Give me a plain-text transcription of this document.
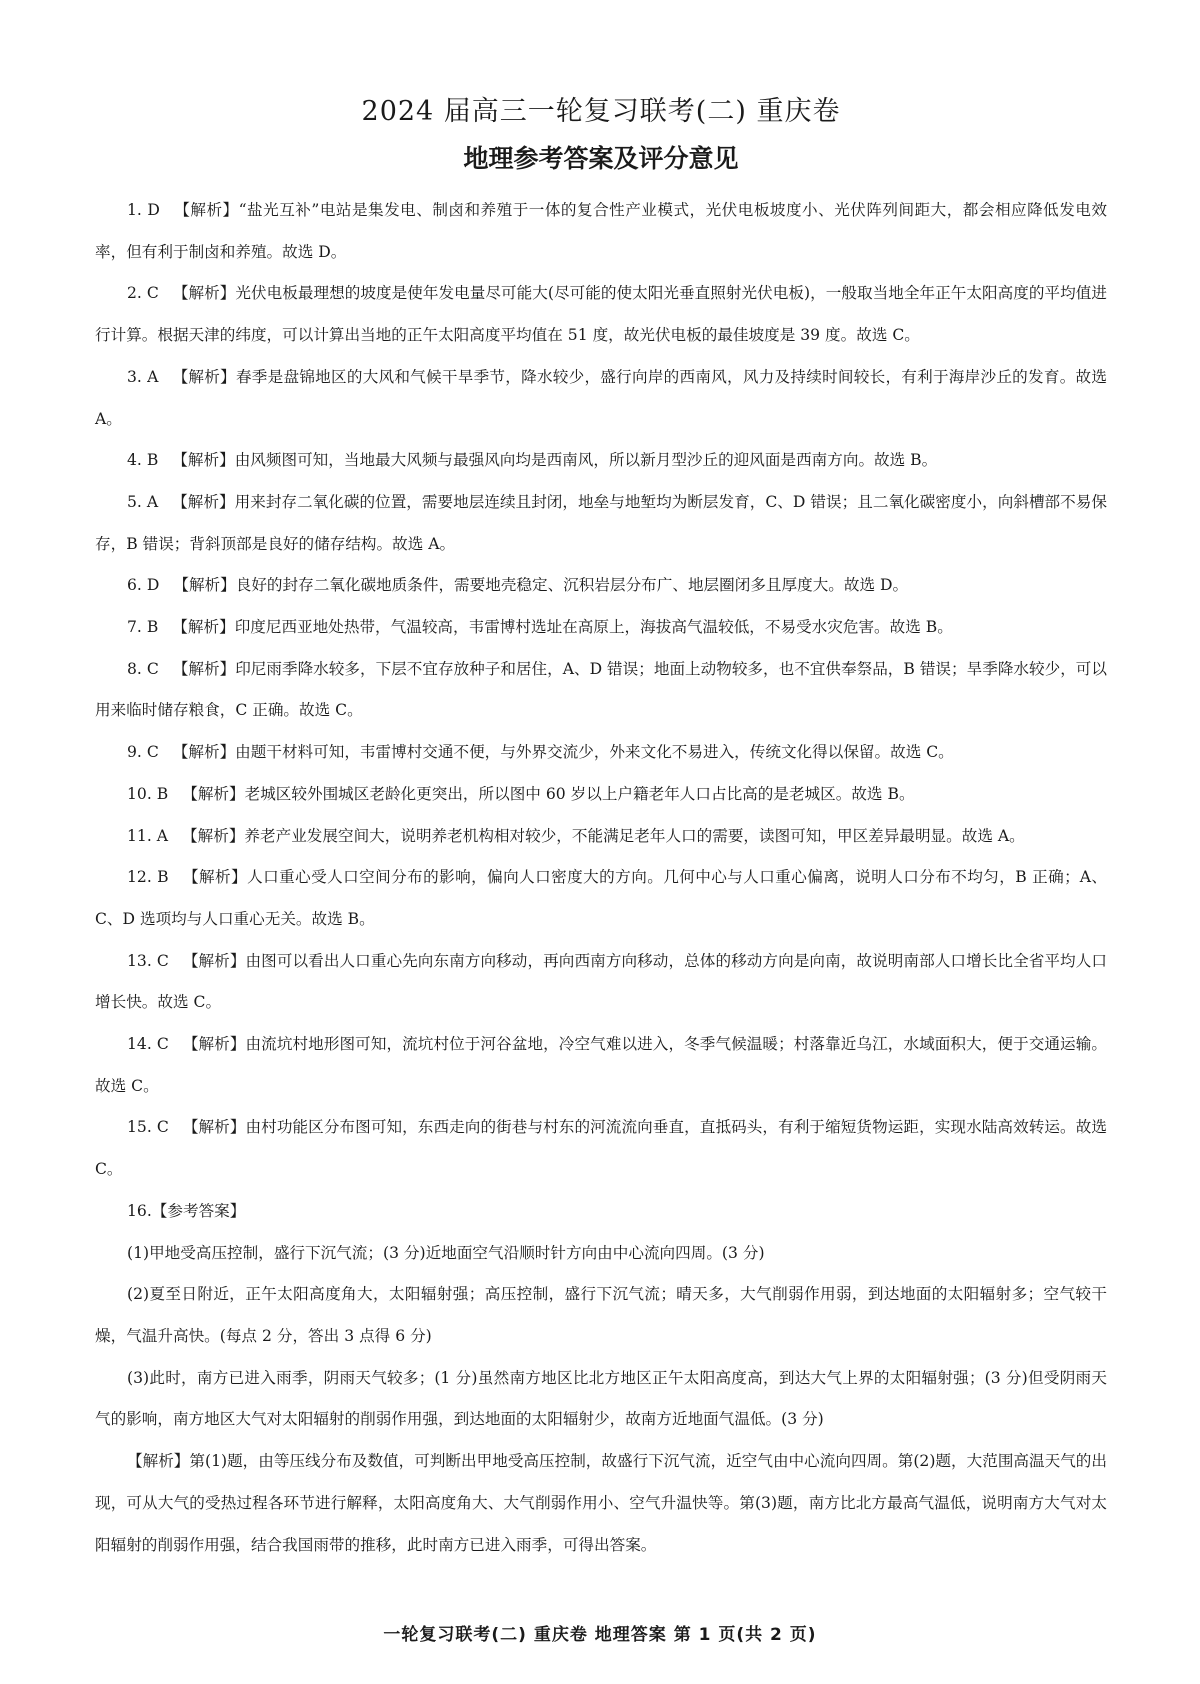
2024 届高三一轮复习联考(二) 重庆卷
地理参考答案及评分意见

1. D 【解析】“盐光互补”电站是集发电、制卤和养殖于一体的复合性产业模式，光伏电板坡度小、光伏阵列间距大，都会相应降低发电效率，但有利于制卤和养殖。故选 D。

2. C 【解析】光伏电板最理想的坡度是使年发电量尽可能大(尽可能的使太阳光垂直照射光伏电板)，一般取当地全年正午太阳高度的平均值进行计算。根据天津的纬度，可以计算出当地的正午太阳高度平均值在 51 度，故光伏电板的最佳坡度是 39 度。故选 C。

3. A 【解析】春季是盘锦地区的大风和气候干旱季节，降水较少，盛行向岸的西南风，风力及持续时间较长，有利于海岸沙丘的发育。故选 A。

4. B 【解析】由风频图可知，当地最大风频与最强风向均是西南风，所以新月型沙丘的迎风面是西南方向。故选 B。

5. A 【解析】用来封存二氧化碳的位置，需要地层连续且封闭，地垒与地堑均为断层发育，C、D 错误；且二氧化碳密度小，向斜槽部不易保存，B 错误；背斜顶部是良好的储存结构。故选 A。

6. D 【解析】良好的封存二氧化碳地质条件，需要地壳稳定、沉积岩层分布广、地层圈闭多且厚度大。故选 D。

7. B 【解析】印度尼西亚地处热带，气温较高，韦雷博村选址在高原上，海拔高气温较低，不易受水灾危害。故选 B。

8. C 【解析】印尼雨季降水较多，下层不宜存放种子和居住，A、D 错误；地面上动物较多，也不宜供奉祭品，B 错误；旱季降水较少，可以用来临时储存粮食，C 正确。故选 C。

9. C 【解析】由题干材料可知，韦雷博村交通不便，与外界交流少，外来文化不易进入，传统文化得以保留。故选 C。

10. B 【解析】老城区较外围城区老龄化更突出，所以图中 60 岁以上户籍老年人口占比高的是老城区。故选 B。

11. A 【解析】养老产业发展空间大，说明养老机构相对较少，不能满足老年人口的需要，读图可知，甲区差异最明显。故选 A。

12. B 【解析】人口重心受人口空间分布的影响，偏向人口密度大的方向。几何中心与人口重心偏离，说明人口分布不均匀，B 正确；A、C、D 选项均与人口重心无关。故选 B。

13. C 【解析】由图可以看出人口重心先向东南方向移动，再向西南方向移动，总体的移动方向是向南，故说明南部人口增长比全省平均人口增长快。故选 C。

14. C 【解析】由流坑村地形图可知，流坑村位于河谷盆地，冷空气难以进入，冬季气候温暖；村落靠近乌江，水域面积大，便于交通运输。故选 C。

15. C 【解析】由村功能区分布图可知，东西走向的街巷与村东的河流流向垂直，直抵码头，有利于缩短货物运距，实现水陆高效转运。故选 C。

16.【参考答案】

(1)甲地受高压控制，盛行下沉气流；(3 分)近地面空气沿顺时针方向由中心流向四周。(3 分)

(2)夏至日附近，正午太阳高度角大，太阳辐射强；高压控制，盛行下沉气流；晴天多，大气削弱作用弱，到达地面的太阳辐射多；空气较干燥，气温升高快。(每点 2 分，答出 3 点得 6 分)

(3)此时，南方已进入雨季，阴雨天气较多；(1 分)虽然南方地区比北方地区正午太阳高度高，到达大气上界的太阳辐射强；(3 分)但受阴雨天气的影响，南方地区大气对太阳辐射的削弱作用强，到达地面的太阳辐射少，故南方近地面气温低。(3 分)

【解析】第(1)题，由等压线分布及数值，可判断出甲地受高压控制，故盛行下沉气流，近空气由中心流向四周。第(2)题，大范围高温天气的出现，可从大气的受热过程各环节进行解释，太阳高度角大、大气削弱作用小、空气升温快等。第(3)题，南方比北方最高气温低，说明南方大气对太阳辐射的削弱作用强，结合我国雨带的推移，此时南方已进入雨季，可得出答案。

一轮复习联考(二) 重庆卷 地理答案 第 1 页(共 2 页)
